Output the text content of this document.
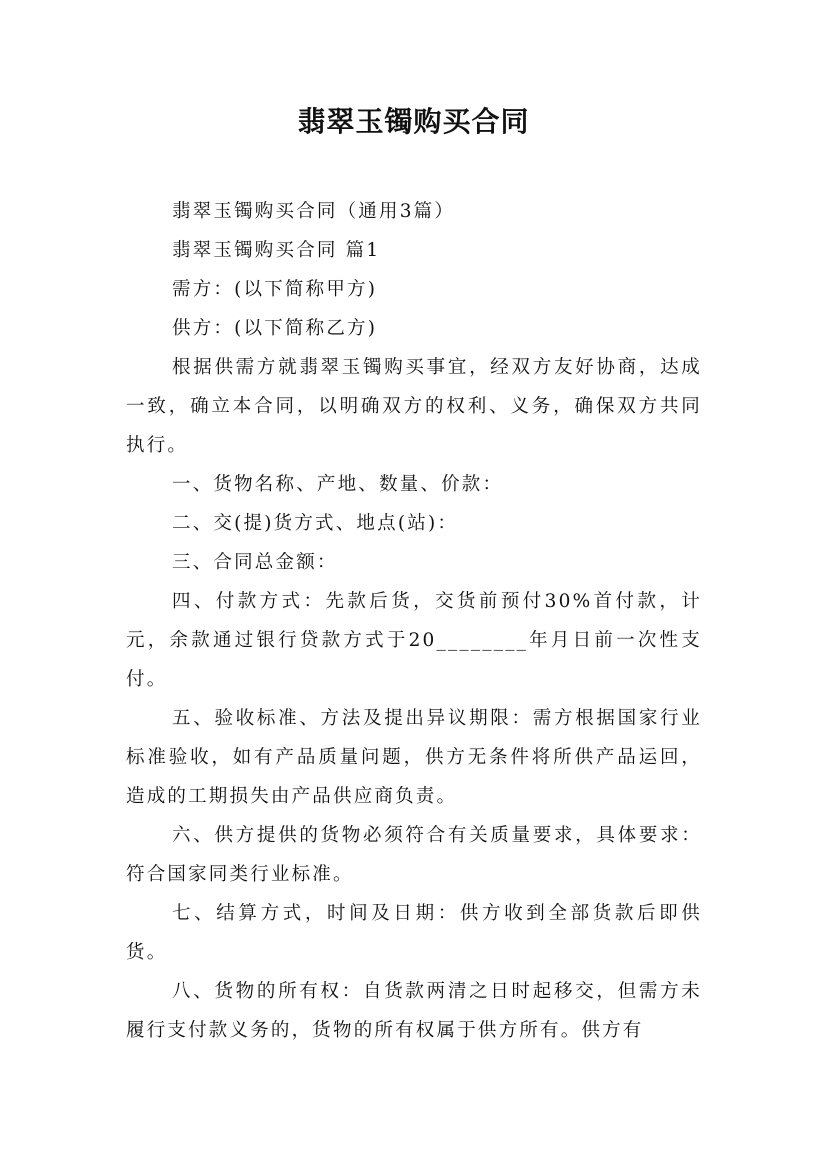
翡翠玉镯购买合同

翡翠玉镯购买合同（通用3篇）

翡翠玉镯购买合同 篇1

需方：(以下简称甲方)

供方：(以下简称乙方)

根据供需方就翡翠玉镯购买事宜，经双方友好协商，达成一致，确立本合同，以明确双方的权利、义务，确保双方共同执行。

一、货物名称、产地、数量、价款：

二、交(提)货方式、地点(站)：

三、合同总金额：

四、付款方式：先款后货，交货前预付30%首付款，计元，余款通过银行贷款方式于20________年月日前一次性支付。

五、验收标准、方法及提出异议期限：需方根据国家行业标准验收，如有产品质量问题，供方无条件将所供产品运回，造成的工期损失由产品供应商负责。

六、供方提供的货物必须符合有关质量要求，具体要求：符合国家同类行业标准。

七、结算方式，时间及日期：供方收到全部货款后即供货。

八、货物的所有权：自货款两清之日时起移交，但需方未履行支付款义务的，货物的所有权属于供方所有。供方有
